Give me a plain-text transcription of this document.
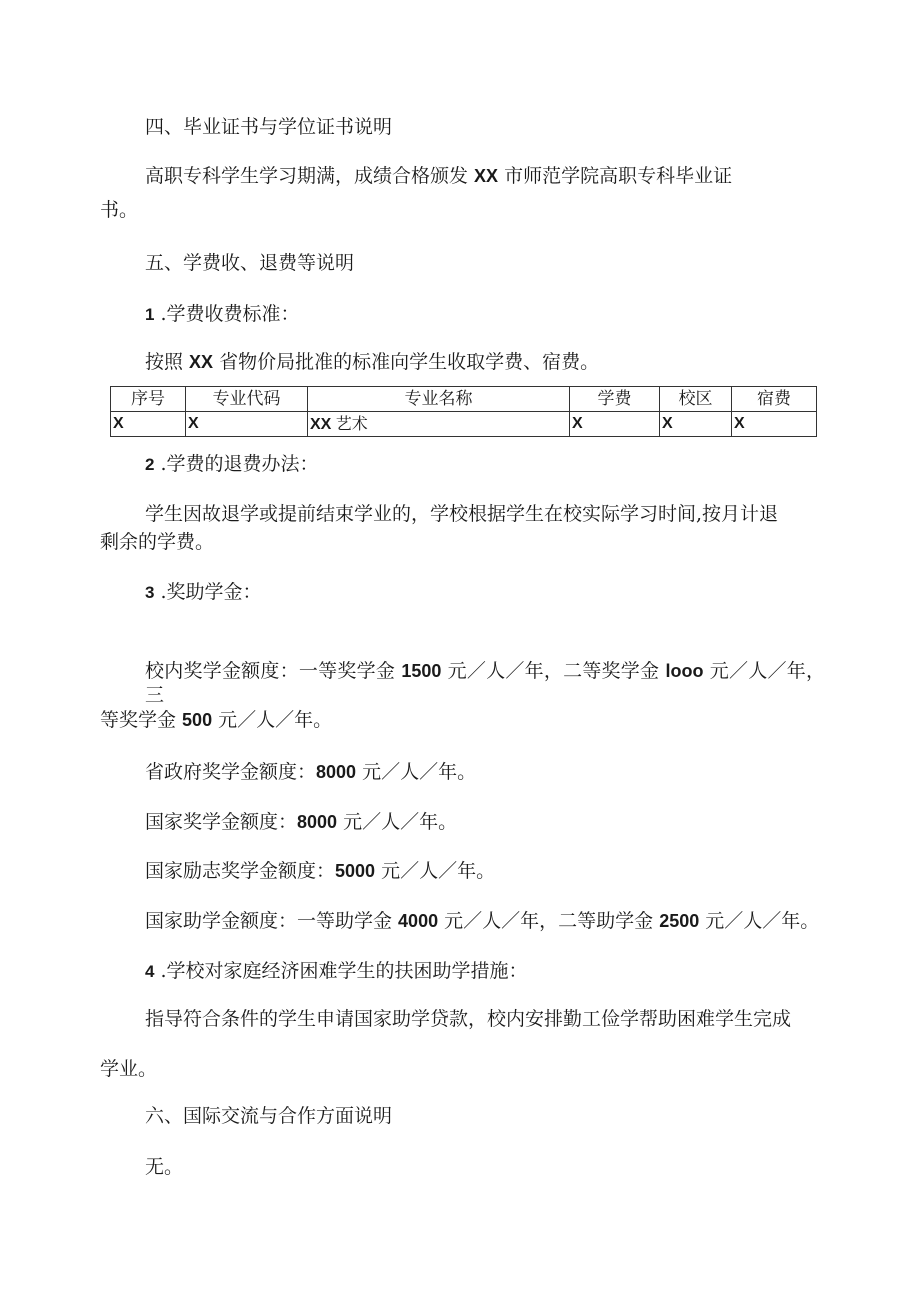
四、毕业证书与学位证书说明

高职专科学生学习期满，成绩合格颁发 XX 市师范学院高职专科毕业证

书。

五、学费收、退费等说明

1 .学费收费标准：

按照 XX 省物价局批准的标准向学生收取学费、宿费。

序号	专业代码	专业名称	学费	校区	宿费
X	X	XX 艺术	X	X	X

2 .学费的退费办法：

学生因故退学或提前结束学业的，学校根据学生在校实际学习时间,按月计退

剩余的学费。

3 .奖助学金：

校内奖学金额度：一等奖学金 1500 元／人／年，二等奖学金 looo 元／人／年，三

等奖学金 500 元／人／年。

省政府奖学金额度：8000 元／人／年。

国家奖学金额度：8000 元／人／年。

国家励志奖学金额度：5000 元／人／年。

国家助学金额度：一等助学金 4000 元／人／年，二等助学金 2500 元／人／年。

4 .学校对家庭经济困难学生的扶困助学措施：

指导符合条件的学生申请国家助学贷款，校内安排勤工俭学帮助困难学生完成

学业。

六、国际交流与合作方面说明

无。
